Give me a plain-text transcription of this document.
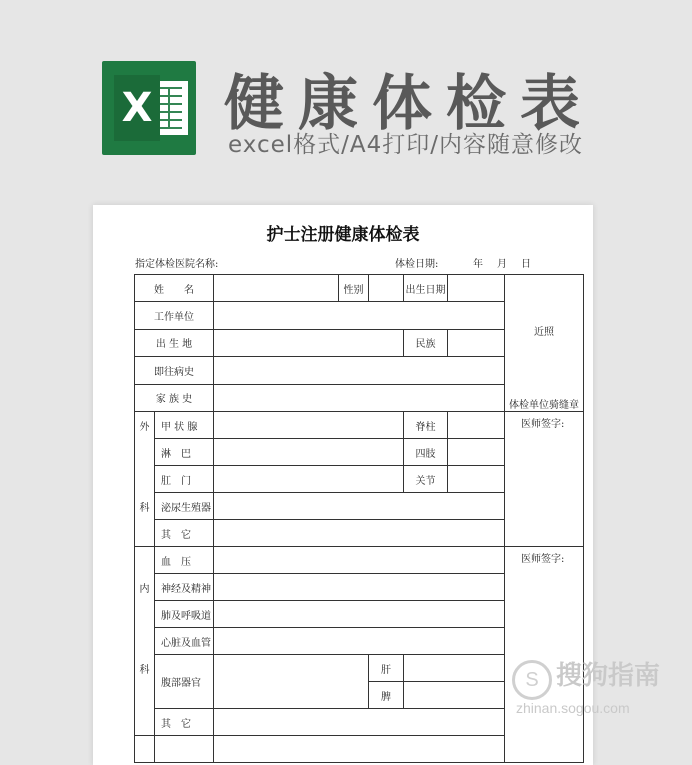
X 健康体检表
excel格式/A4打印/内容随意修改
护士注册健康体检表
指定体检医院名称:	体检日期:	年 月 日
姓　　名			性别		出生日期		近照
体检单位骑缝章

工作单位							
出 生 地					民族		
即往病史							
家 族 史							
外	甲 状 腺				脊柱		医师签字:
	淋　巴				四肢		
	肛　门				关节		
科	泌尿生殖器						
	其　它						
	血　压						医师签字:
内	神经及精神						
	肺及呼吸道						
	心脏及血管						
科	腹部器官			肝			
				脾			
	其　它						

S 搜狗指南
zhinan.sogou.com
